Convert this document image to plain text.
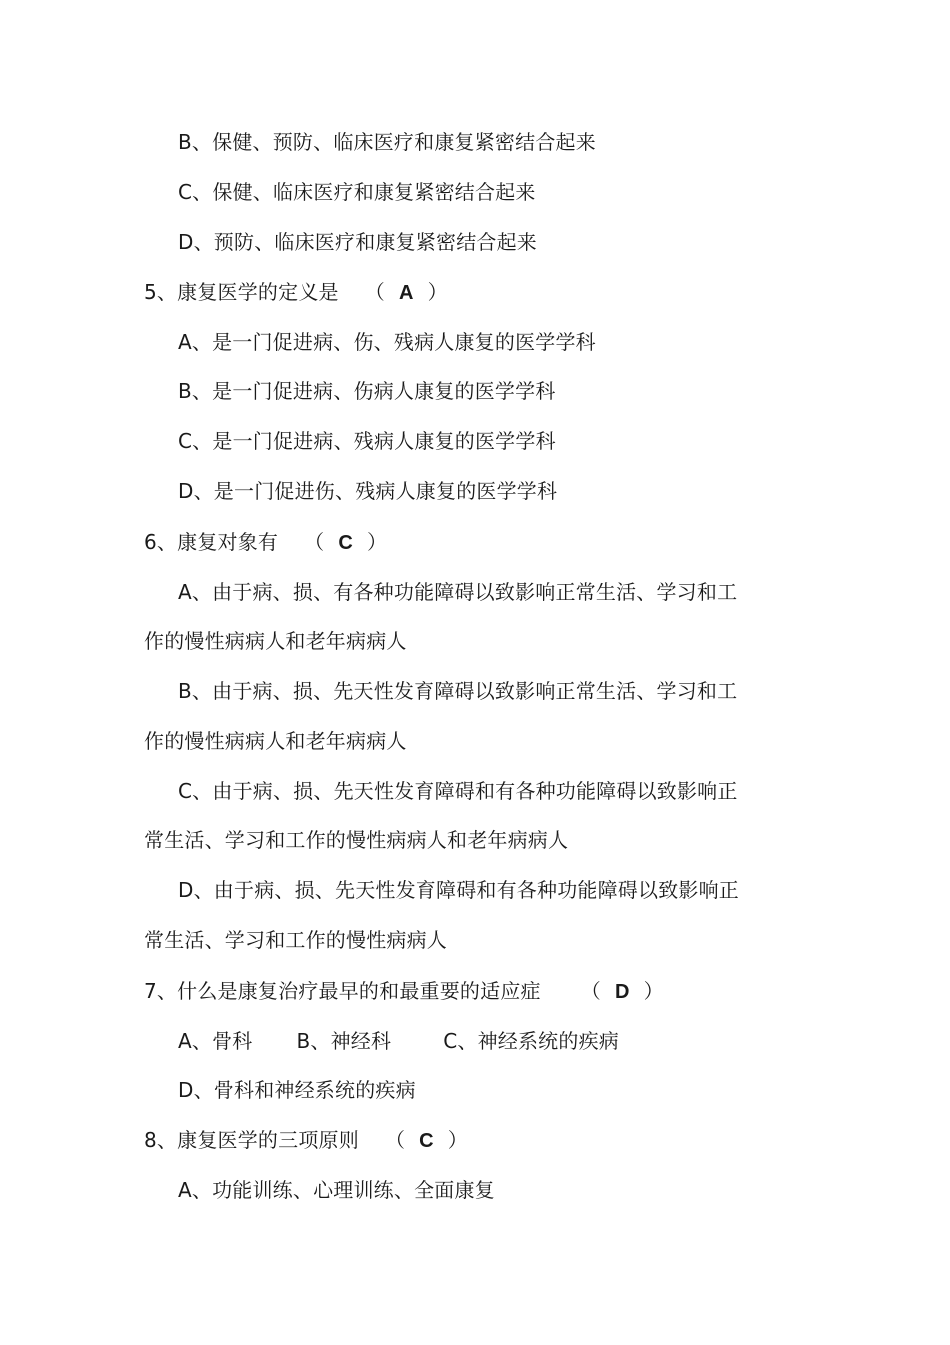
B、保健、预防、临床医疗和康复紧密结合起来
C、保健、临床医疗和康复紧密结合起来
D、预防、临床医疗和康复紧密结合起来
5、康复医学的定义是 （ A ）
A、是一门促进病、伤、残病人康复的医学学科
B、是一门促进病、伤病人康复的医学学科
C、是一门促进病、残病人康复的医学学科
D、是一门促进伤、残病人康复的医学学科
6、康复对象有 （ C ）
A、由于病、损、有各种功能障碍以致影响正常生活、学习和工
作的慢性病病人和老年病病人
B、由于病、损、先天性发育障碍以致影响正常生活、学习和工
作的慢性病病人和老年病病人
C、由于病、损、先天性发育障碍和有各种功能障碍以致影响正
常生活、学习和工作的慢性病病人和老年病病人
D、由于病、损、先天性发育障碍和有各种功能障碍以致影响正
常生活、学习和工作的慢性病病人
7、什么是康复治疗最早的和最重要的适应症 （ D ）
A、骨科 B、神经科	C、神经系统的疾病
D、骨科和神经系统的疾病
8、康复医学的三项原则 （ C ）
A、功能训练、心理训练、全面康复
